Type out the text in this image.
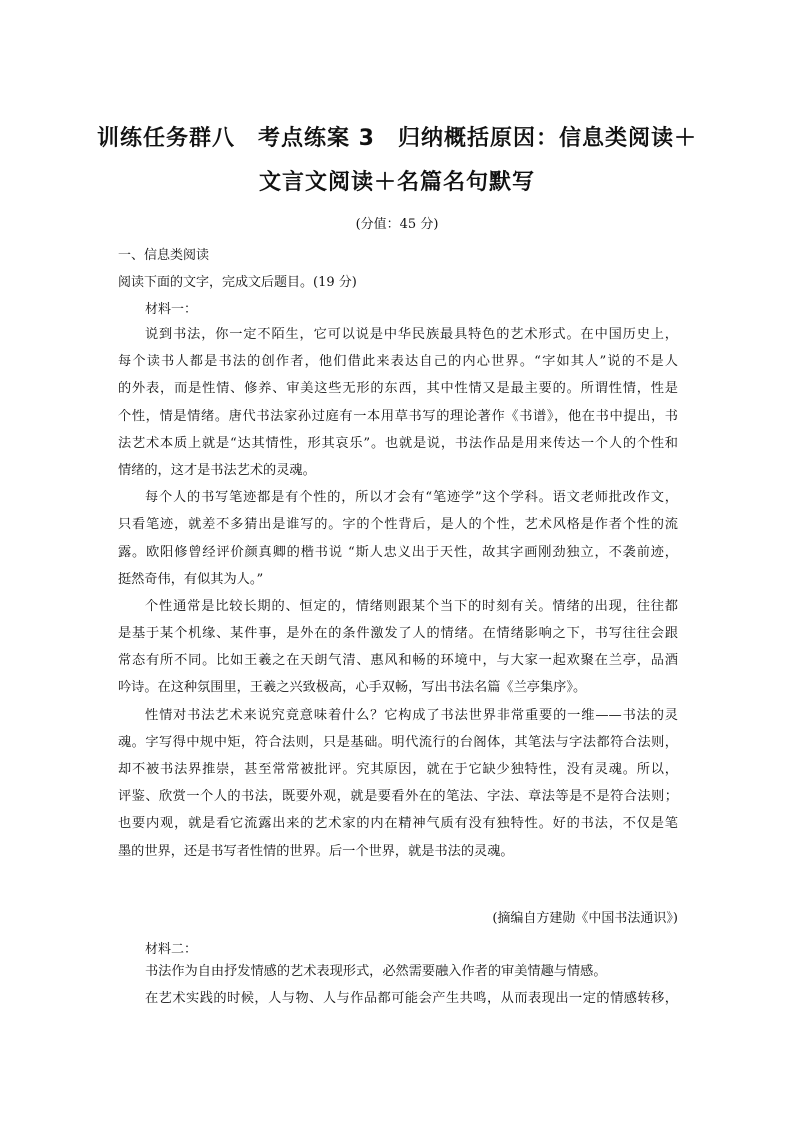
训练任务群八　考点练案 3　归纳概括原因：信息类阅读＋
文言文阅读＋名篇名句默写
(分值：45 分)
一、信息类阅读
阅读下面的文字，完成文后题目。(19 分)
材料一：
说到书法，你一定不陌生，它可以说是中华民族最具特色的艺术形式。在中国历史上，
每个读书人都是书法的创作者，他们借此来表达自己的内心世界。“字如其人”说的不是人
的外表，而是性情、修养、审美这些无形的东西，其中性情又是最主要的。所谓性情，性是
个性，情是情绪。唐代书法家孙过庭有一本用草书写的理论著作《书谱》，他在书中提出，书
法艺术本质上就是“达其情性，形其哀乐”。也就是说，书法作品是用来传达一个人的个性和
情绪的，这才是书法艺术的灵魂。
每个人的书写笔迹都是有个性的，所以才会有“笔迹学”这个学科。语文老师批改作文，
只看笔迹，就差不多猜出是谁写的。字的个性背后，是人的个性，艺术风格是作者个性的流
露。欧阳修曾经评价颜真卿的楷书说 “斯人忠义出于天性，故其字画刚劲独立，不袭前迹，
挺然奇伟，有似其为人。”
个性通常是比较长期的、恒定的，情绪则跟某个当下的时刻有关。情绪的出现，往往都
是基于某个机缘、某件事，是外在的条件激发了人的情绪。在情绪影响之下，书写往往会跟
常态有所不同。比如王羲之在天朗气清、惠风和畅的环境中，与大家一起欢聚在兰亭，品酒
吟诗。在这种氛围里，王羲之兴致极高，心手双畅，写出书法名篇《兰亭集序》。
性情对书法艺术来说究竟意味着什么？它构成了书法世界非常重要的一维——书法的灵
魂。字写得中规中矩，符合法则，只是基础。明代流行的台阁体，其笔法与字法都符合法则，
却不被书法界推崇，甚至常常被批评。究其原因，就在于它缺少独特性，没有灵魂。所以，
评鉴、欣赏一个人的书法，既要外观，就是要看外在的笔法、字法、章法等是不是符合法则；
也要内观，就是看它流露出来的艺术家的内在精神气质有没有独特性。好的书法，不仅是笔
墨的世界，还是书写者性情的世界。后一个世界，就是书法的灵魂。
(摘编自方建勋《中国书法通识》)
材料二：
书法作为自由抒发情感的艺术表现形式，必然需要融入作者的审美情趣与情感。
在艺术实践的时候，人与物、人与作品都可能会产生共鸣，从而表现出一定的情感转移，
